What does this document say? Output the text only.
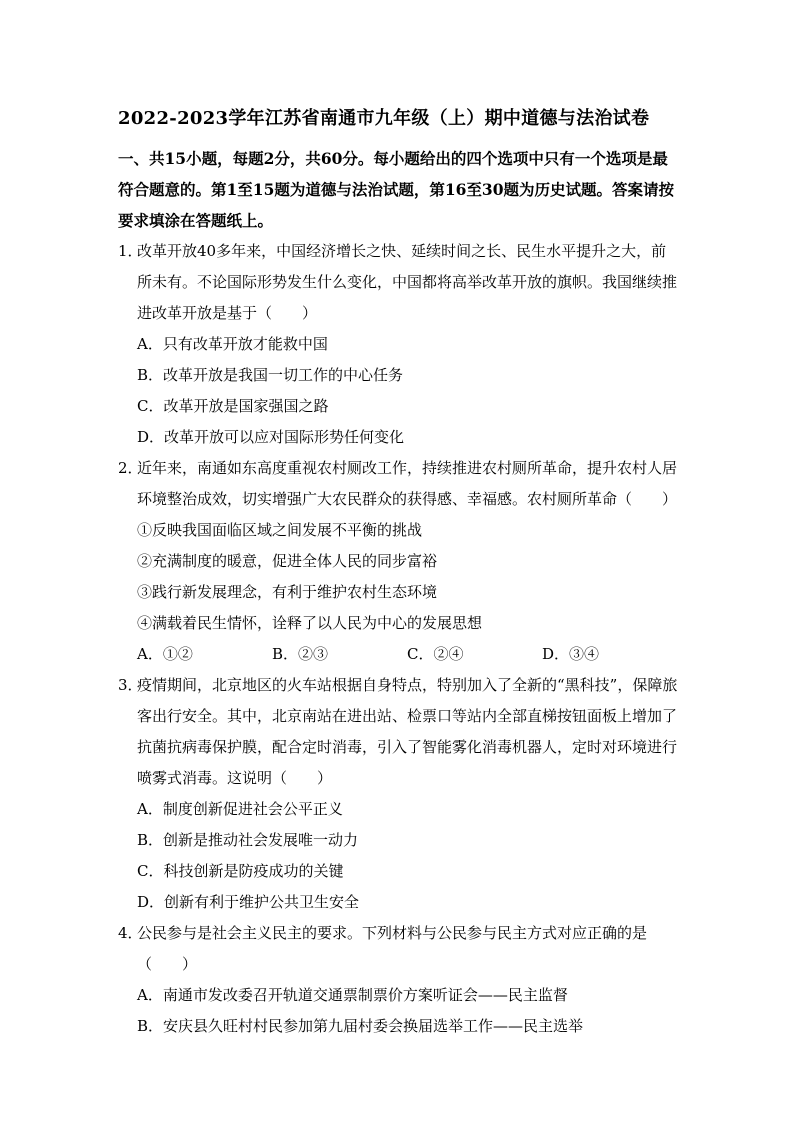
2022-2023学年江苏省南通市九年级（上）期中道德与法治试卷
一、共15小题，每题2分，共60分。每小题给出的四个选项中只有一个选项是最符合题意的。第1至15题为道德与法治试题，第16至30题为历史试题。答案请按要求填涂在答题纸上。
1．改革开放40多年来，中国经济增长之快、延续时间之长、民生水平提升之大，前所未有。不论国际形势发生什么变化，中国都将高举改革开放的旗帜。我国继续推进改革开放是基于（　　）
A．只有改革开放才能救中国
B．改革开放是我国一切工作的中心任务
C．改革开放是国家强国之路
D．改革开放可以应对国际形势任何变化
2．近年来，南通如东高度重视农村厕改工作，持续推进农村厕所革命，提升农村人居环境整治成效，切实增强广大农民群众的获得感、幸福感。农村厕所革命（　　）
①反映我国面临区域之间发展不平衡的挑战
②充满制度的暖意，促进全体人民的同步富裕
③践行新发展理念，有利于维护农村生态环境
④满载着民生情怀，诠释了以人民为中心的发展思想
A．①②	B．②③	C．②④	D．③④
3．疫情期间，北京地区的火车站根据自身特点，特别加入了全新的“黑科技”，保障旅客出行安全。其中，北京南站在进出站、检票口等站内全部直梯按钮面板上增加了抗菌抗病毒保护膜，配合定时消毒，引入了智能雾化消毒机器人，定时对环境进行喷雾式消毒。这说明（　　）
A．制度创新促进社会公平正义
B．创新是推动社会发展唯一动力
C．科技创新是防疫成功的关键
D．创新有利于维护公共卫生安全
4．公民参与是社会主义民主的要求。下列材料与公民参与民主方式对应正确的是（　　）
A．南通市发改委召开轨道交通票制票价方案听证会——民主监督
B．安庆县久旺村村民参加第九届村委会换届选举工作——民主选举
